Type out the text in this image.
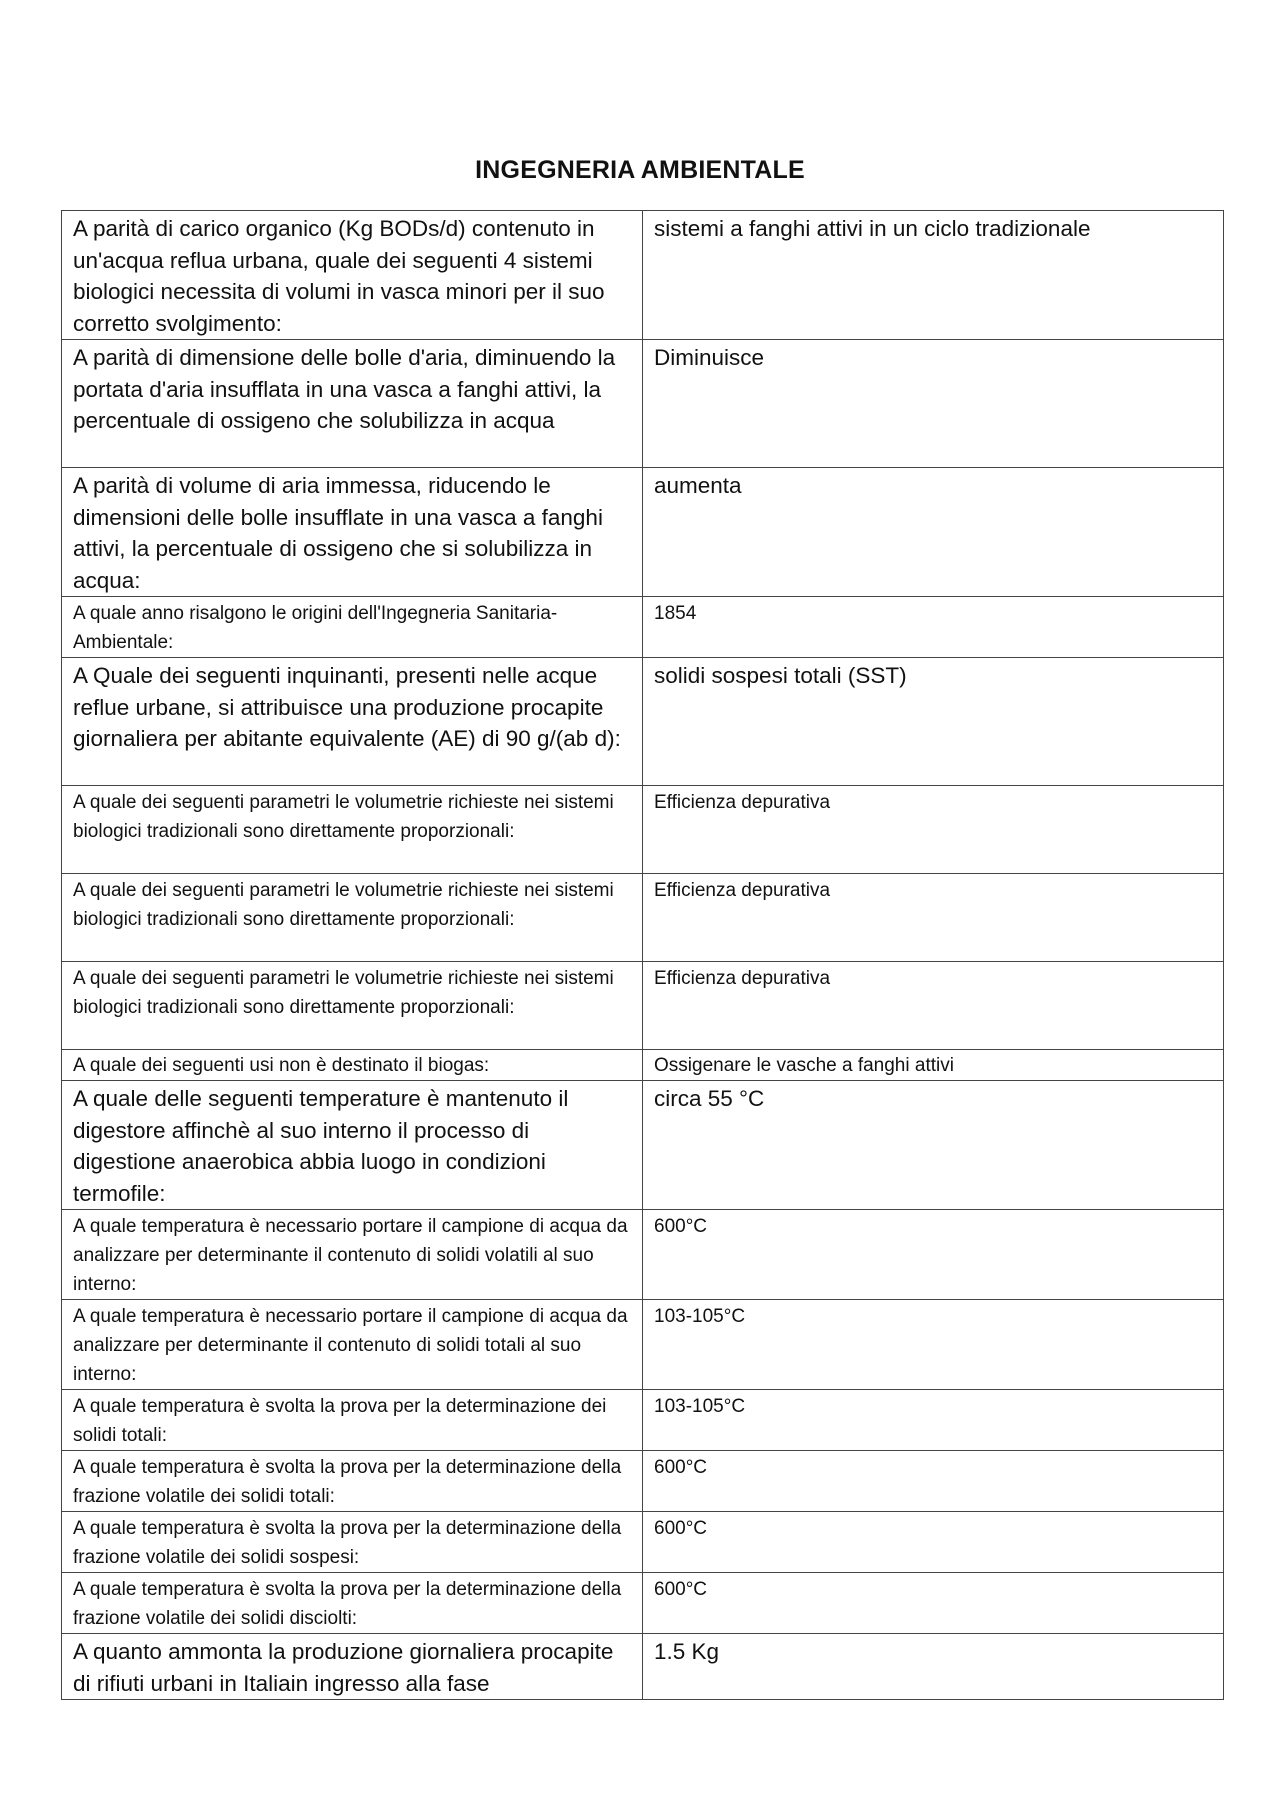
INGEGNERIA AMBIENTALE
A parità di carico organico (Kg BODs/d) contenuto in un'acqua reflua urbana, quale dei seguenti 4 sistemi biologici necessita di volumi in vasca minori per il suo corretto svolgimento:	sistemi a fanghi attivi in un ciclo tradizionale
A parità di dimensione delle bolle d'aria, diminuendo la portata d'aria insufflata in una vasca a fanghi attivi, la percentuale di ossigeno che solubilizza in acqua	Diminuisce
A parità di volume di aria immessa, riducendo le dimensioni delle bolle insufflate in una vasca a fanghi attivi, la percentuale di ossigeno che si solubilizza in acqua:	aumenta
A quale anno risalgono le origini dell'Ingegneria Sanitaria-Ambientale:	1854
A Quale dei seguenti inquinanti, presenti nelle acque reflue urbane, si attribuisce una produzione procapite giornaliera per abitante equivalente (AE) di 90 g/(ab d):	solidi sospesi totali (SST)
A quale dei seguenti parametri le volumetrie richieste nei sistemi biologici tradizionali sono direttamente proporzionali:	Efficienza depurativa
A quale dei seguenti parametri le volumetrie richieste nei sistemi biologici tradizionali sono direttamente proporzionali:	Efficienza depurativa
A quale dei seguenti parametri le volumetrie richieste nei sistemi biologici tradizionali sono direttamente proporzionali:	Efficienza depurativa
A quale dei seguenti usi non è destinato il biogas:	Ossigenare le vasche a fanghi attivi
A quale delle seguenti temperature è mantenuto il digestore affinchè al suo interno il processo di digestione anaerobica abbia luogo in condizioni termofile:	circa 55 °C
A quale temperatura è necessario portare il campione di acqua da analizzare per determinante il contenuto di solidi volatili al suo interno:	600°C
A quale temperatura è necessario portare il campione di acqua da analizzare per determinante il contenuto di solidi totali al suo interno:	103-105°C
A quale temperatura è svolta la prova per la determinazione dei solidi totali:	103-105°C
A quale temperatura è svolta la prova per la determinazione della frazione volatile dei solidi totali:	600°C
A quale temperatura è svolta la prova per la determinazione della frazione volatile dei solidi sospesi:	600°C
A quale temperatura è svolta la prova per la determinazione della frazione volatile dei solidi disciolti:	600°C
A quanto ammonta la produzione giornaliera procapite di rifiuti urbani in Italiain ingresso alla fase	1.5 Kg
